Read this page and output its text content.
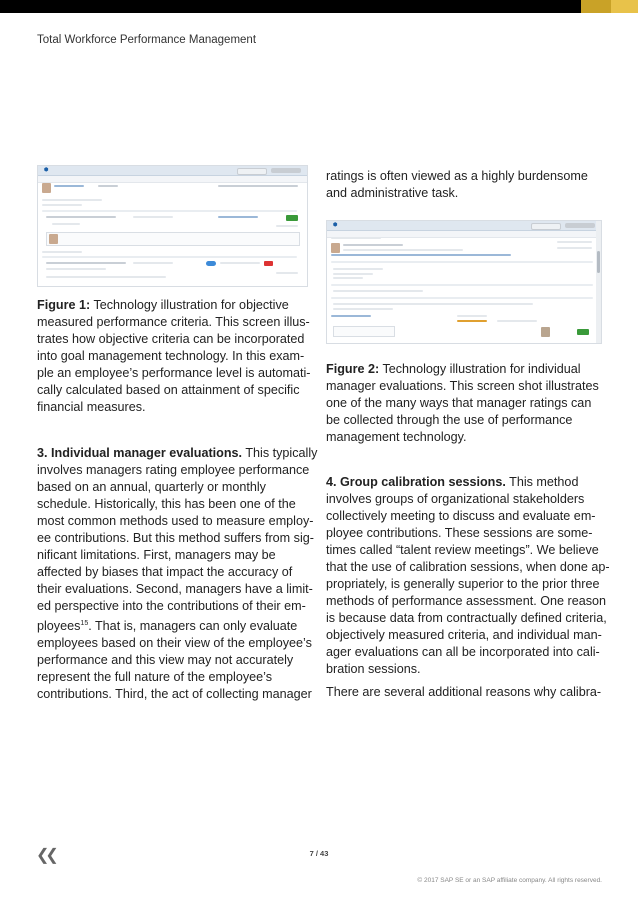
Total Workforce Performance Management
⬢
Figure 1: Technology illustration for objective
measured performance criteria. This screen illus-
trates how objective criteria can be incorporated
into goal management technology. In this exam-
ple an employee’s performance level is automati-
cally calculated based on attainment of specific
financial measures.
3. Individual manager evaluations. This typically
involves managers rating employee performance
based on an annual, quarterly or monthly
schedule. Historically, this has been one of the
most common methods used to measure employ-
ee contributions. But this method suffers from sig-
nificant limitations. First, managers may be
affected by biases that impact the accuracy of
their evaluations. Second, managers have a limit-
ed perspective into the contributions of their em-
ployees$^{15}$. That is, managers can only evaluate
employees based on their view of the employee’s
performance and this view may not accurately
represent the full nature of the employee’s
contributions. Third, the act of collecting manager
ratings is often viewed as a highly burdensome
and administrative task.
⬢
Figure 2: Technology illustration for individual
manager evaluations. This screen shot illustrates
one of the many ways that manager ratings can
be collected through the use of performance
management technology.
4. Group calibration sessions. This method
involves groups of organizational stakeholders
collectively meeting to discuss and evaluate em-
ployee contributions. These sessions are some-
times called “talent review meetings”. We believe
that the use of calibration sessions, when done ap-
propriately, is generally superior to the prior three
methods of performance assessment. One reason
is because data from contractually defined criteria,
objectively measured criteria, and individual man-
ager evaluations can all be incorporated into cali-
bration sessions.
There are several additional reasons why calibra-
❮❮	7 / 43
© 2017 SAP SE or an SAP affiliate company. All rights reserved.
